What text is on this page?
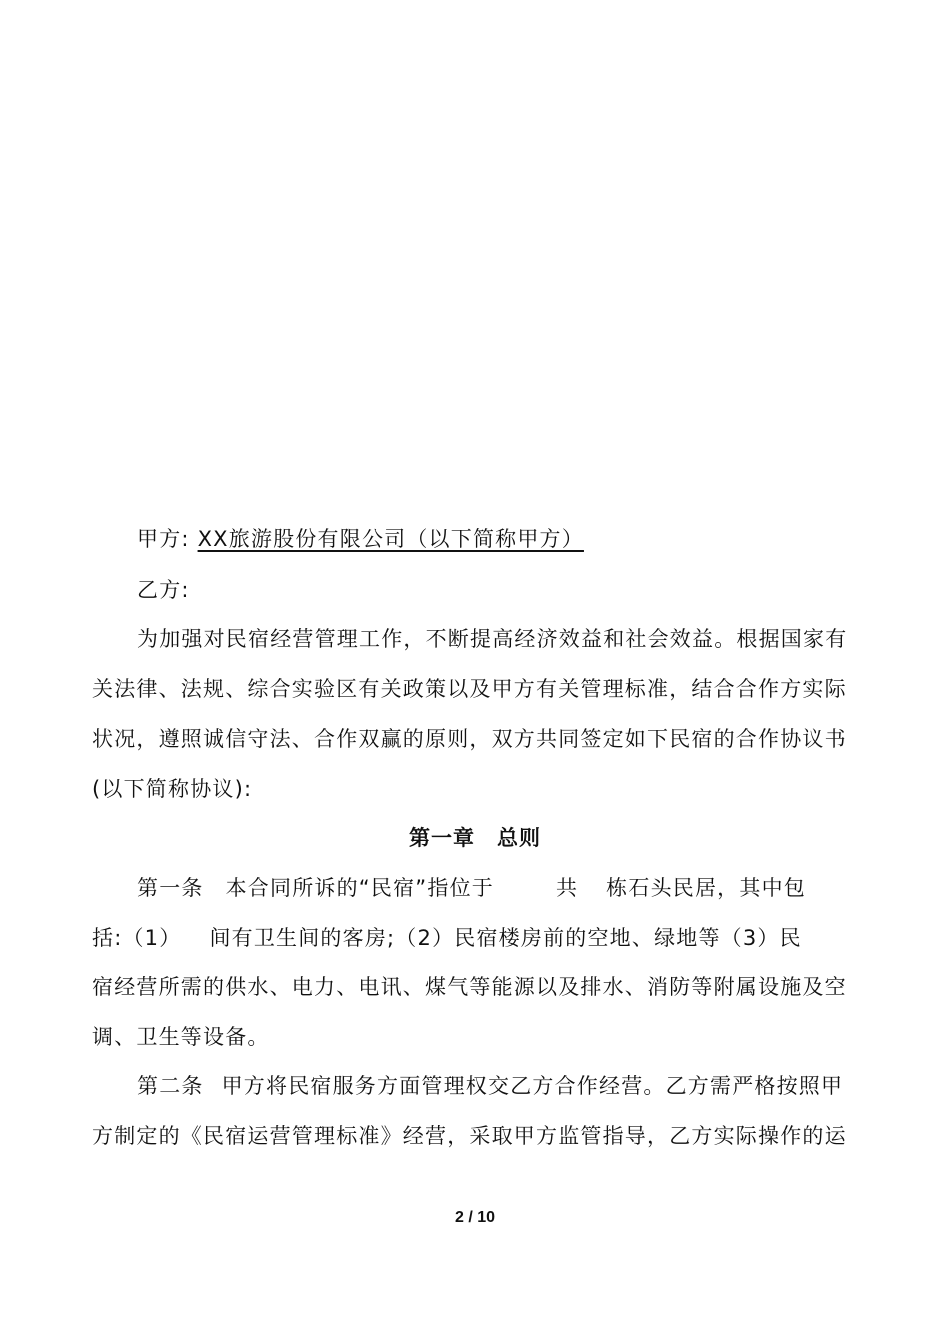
甲方: XX旅游股份有限公司（以下简称甲方）
乙方:
为加强对民宿经营管理工作，不断提高经济效益和社会效益。根据国家有
关法律、法规、综合实验区有关政策以及甲方有关管理标准，结合合作方实际
状况，遵照诚信守法、合作双赢的原则，双方共同签定如下民宿的合作协议书
(以下简称协议):
第一章　总则
第一条 本合同所诉的“民宿”指位于	共 栋石头民居，其中包
括:（1） 间有卫生间的客房;（2）民宿楼房前的空地、绿地等（3）民
宿经营所需的供水、电力、电讯、煤气等能源以及排水、消防等附属设施及空
调、卫生等设备。
第二条 甲方将民宿服务方面管理权交乙方合作经营。乙方需严格按照甲
方制定的《民宿运营管理标准》经营，采取甲方监管指导，乙方实际操作的运
2 / 10
